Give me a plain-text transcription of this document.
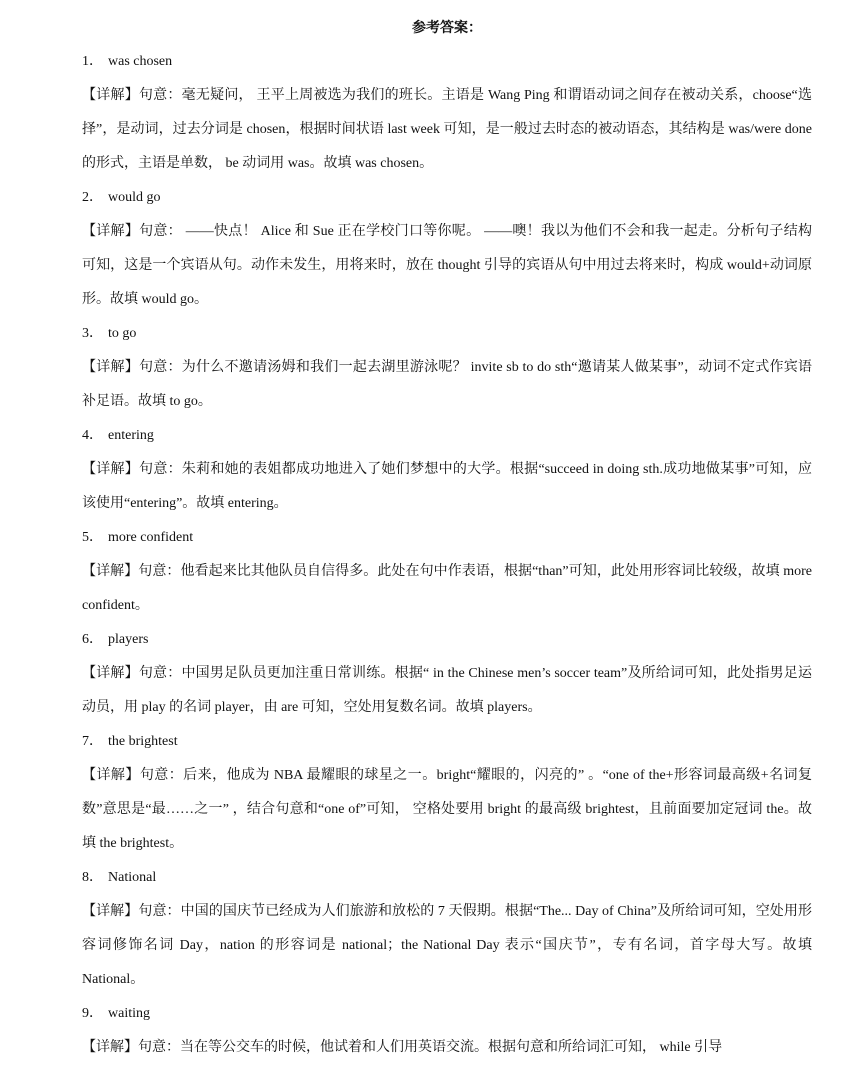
参考答案：
1． was chosen

【详解】句意：毫无疑问， 王平上周被选为我们的班长。主语是 Wang Ping 和谓语动词之间存在被动关系，choose“选择”，是动词，过去分词是 chosen，根据时间状语 last week 可知，是一般过去时态的被动语态，其结构是 was/were done 的形式，主语是单数， be 动词用 was。故填 was chosen。

2． would go

【详解】句意： ——快点！ Alice 和 Sue 正在学校门口等你呢。 ——噢！我以为他们不会和我一起走。分析句子结构可知，这是一个宾语从句。动作未发生，用将来时，放在 thought 引导的宾语从句中用过去将来时，构成 would+动词原形。故填 would go。

3． to go

【详解】句意：为什么不邀请汤姆和我们一起去湖里游泳呢？ invite sb to do sth“邀请某人做某事”，动词不定式作宾语补足语。故填 to go。

4． entering

【详解】句意：朱莉和她的表姐都成功地进入了她们梦想中的大学。根据“succeed in doing sth.成功地做某事”可知，应该使用“entering”。故填 entering。

5． more confident

【详解】句意：他看起来比其他队员自信得多。此处在句中作表语，根据“than”可知，此处用形容词比较级，故填 more confident。

6． players

【详解】句意：中国男足队员更加注重日常训练。根据“ in the Chinese men’s soccer team”及所给词可知，此处指男足运动员，用 play 的名词 player，由 are 可知，空处用复数名词。故填 players。

7． the brightest

【详解】句意：后来，他成为 NBA 最耀眼的球星之一。bright“耀眼的，闪亮的” 。“one of the+形容词最高级+名词复数”意思是“最……之一” ，结合句意和“one of”可知， 空格处要用 bright 的最高级 brightest，且前面要加定冠词 the。故填 the brightest。

8． National

【详解】句意：中国的国庆节已经成为人们旅游和放松的 7 天假期。根据“The... Day of China”及所给词可知，空处用形容词修饰名词 Day，nation 的形容词是 national；the National Day 表示“国庆节”，专有名词，首字母大写。故填 National。

9． waiting

【详解】句意：当在等公交车的时候，他试着和人们用英语交流。根据句意和所给词汇可知， while 引导
